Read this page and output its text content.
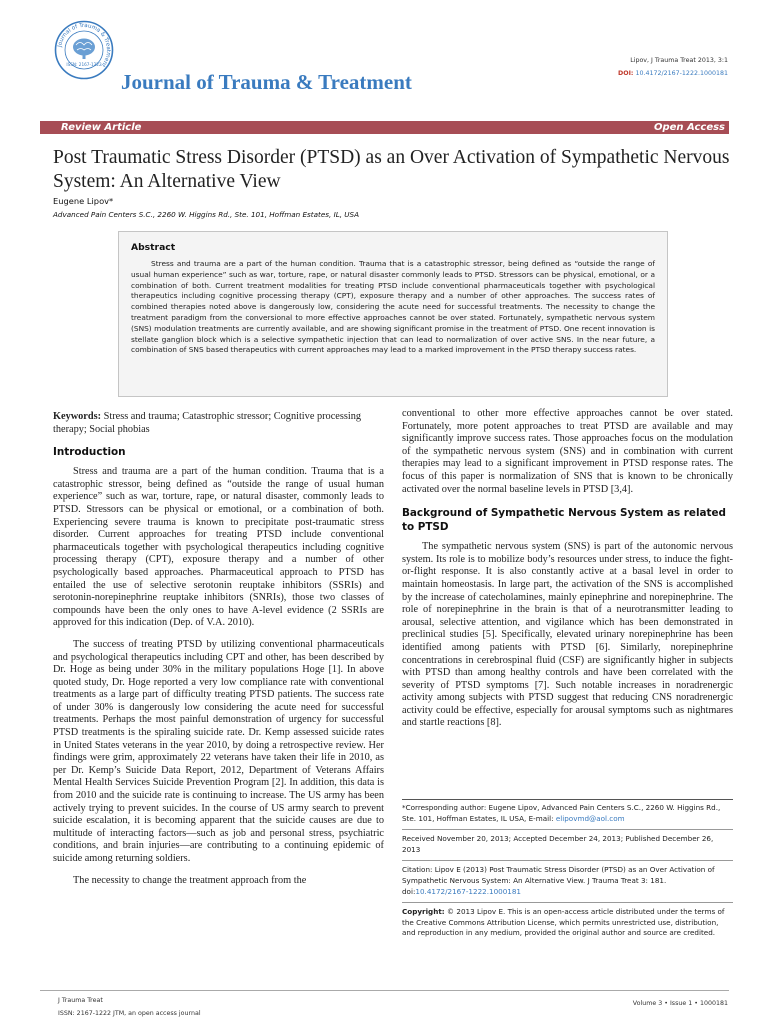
Journal of Trauma & Treatment
ISSN: 2167-1222
Journal of Trauma & Treatment
Lipov, J Trauma Treat 2013, 3:1
DOI: 10.4172/2167-1222.1000181
Review Article	Open Access
Post Traumatic Stress Disorder (PTSD) as an Over Activation of Sympathetic Nervous System: An Alternative View
Eugene Lipov*
Advanced Pain Centers S.C., 2260 W. Higgins Rd., Ste. 101, Hoffman Estates, IL, USA
Abstract
Stress and trauma are a part of the human condition. Trauma that is a catastrophic stressor, being defined as “outside the range of usual human experience” such as war, torture, rape, or natural disaster commonly leads to PTSD. Stressors can be physical, emotional, or a combination of both. Current treatment modalities for treating PTSD include conventional pharmaceuticals together with psychological therapeutics including cognitive processing therapy (CPT), exposure therapy and a number of other approaches. The success rates of combined therapies noted above is dangerously low, considering the acute need for successful treatments. The necessity to change the treatment paradigm from the conversional to more effective approaches cannot be over stated. Fortunately, sympathetic nervous system (SNS) modulation treatments are currently available, and are showing significant promise in the treatment of PTSD. One recent innovation is stellate ganglion block which is a selective sympathetic injection that can lead to normalization of over active SNS. In the near future, a combination of SNS based therapeutics with current approaches may lead to a marked improvement in the PTSD therapy success rates.

Keywords: Stress and trauma; Catastrophic stressor; Cognitive processing therapy; Social phobias

Introduction

Stress and trauma are a part of the human condition. Trauma that is a catastrophic stressor, being defined as “outside the range of usual human experience” such as war, torture, rape, or natural disaster, commonly leads to PTSD. Stressors can be physical or emotional, or a combination of both. Experiencing severe trauma is known to precipitate post-traumatic stress disorder. Current approaches for treating PTSD include conventional pharmaceuticals together with psychological therapeutics including cognitive processing therapy (CPT), exposure therapy and a number of other psychologically based approaches. Pharmaceutical approach to PTSD has entailed the use of selective serotonin reuptake inhibitors (SSRIs) and serotonin-norepinephrine reuptake inhibitors (SNRIs), those two classes of compounds have been the only ones to have A-level evidence (2 SSRIs are approved for this indication (Dep. of V.A. 2010).

The success of treating PTSD by utilizing conventional pharmaceuticals and psychological therapeutics including CPT and other, has been described by Dr. Hoge as being under 30% in the military populations Hoge [1]. In above quoted study, Dr. Hoge reported a very low compliance rate with conventional treatments as a large part of difficulty treating PTSD patients. The success rate of under 30% is dangerously low considering the acute need for successful treatments. Perhaps the most painful demonstration of urgency for successful PTSD treatments is the spiraling suicide rate. Dr. Kemp assessed suicide rates in United States veterans in the year 2010, by doing a retrospective review. Her findings were grim, approximately 22 veterans have taken their life in 2010, as per Dr. Kemp’s Suicide Data Report, 2012, Department of Veterans Affairs Mental Health Services Suicide Prevention Program [2]. In addition, this data is from 2010 and the suicide rate is continuing to increase. The US army has been actively trying to prevent suicides. In the course of US army search to prevent suicide escalation, it is becoming apparent that the suicide causes are due to multitude of interacting factors—such as job and personal stress, psychiatric conditions, and brain injuries—are contributing to a continuing epidemic of suicide among returning soldiers.

The necessity to change the treatment approach from the

conventional to other more effective approaches cannot be over stated. Fortunately, more potent approaches to treat PTSD are available and may significantly improve success rates. Those approaches focus on the modulation of the sympathetic nervous system (SNS) and in combination with current therapies may lead to a significant improvement in PTSD response rates. The focus of this paper is normalization of SNS that is known to be chronically activated over the normal baseline levels in PTSD [3,4].

Background of Sympathetic Nervous System as related to PTSD

The sympathetic nervous system (SNS) is part of the autonomic nervous system. Its role is to mobilize body’s resources under stress, to induce the fight-or-flight response. It is also constantly active at a basal level in order to maintain homeostasis. In large part, the activation of the SNS is accomplished by the increase of catecholamines, mainly epinephrine and norepinephrine. The role of norepinephrine in the brain is that of a neurotransmitter leading to arousal, selective attention, and vigilance which has been demonstrated in preclinical studies [5]. Specifically, elevated urinary norepinephrine has been identified among patients with PTSD [6]. Similarly, norepinephrine concentrations in cerebrospinal fluid (CSF) are significantly higher in subjects with PTSD than among healthy controls and have been correlated with the severity of PTSD symptoms [7]. Such notable increases in noradrenergic activity among subjects with PTSD suggest that reducing CNS noradrenergic activity could be effective, especially for arousal symptoms such as nightmares and startle reactions [8].

*Corresponding author: Eugene Lipov, Advanced Pain Centers S.C., 2260 W. Higgins Rd., Ste. 101, Hoffman Estates, IL USA, E-mail: elipovmd@aol.com

Received November 20, 2013; Accepted December 24, 2013; Published December 26, 2013

Citation: Lipov E (2013) Post Traumatic Stress Disorder (PTSD) as an Over Activation of Sympathetic Nervous System: An Alternative View. J Trauma Treat 3: 181. doi:10.4172/2167-1222.1000181

Copyright: © 2013 Lipov E. This is an open-access article distributed under the terms of the Creative Commons Attribution License, which permits unrestricted use, distribution, and reproduction in any medium, provided the original author and source are credited.

J Trauma Treat
ISSN: 2167-1222 JTM, an open access journal
Volume 3 • Issue 1 • 1000181
